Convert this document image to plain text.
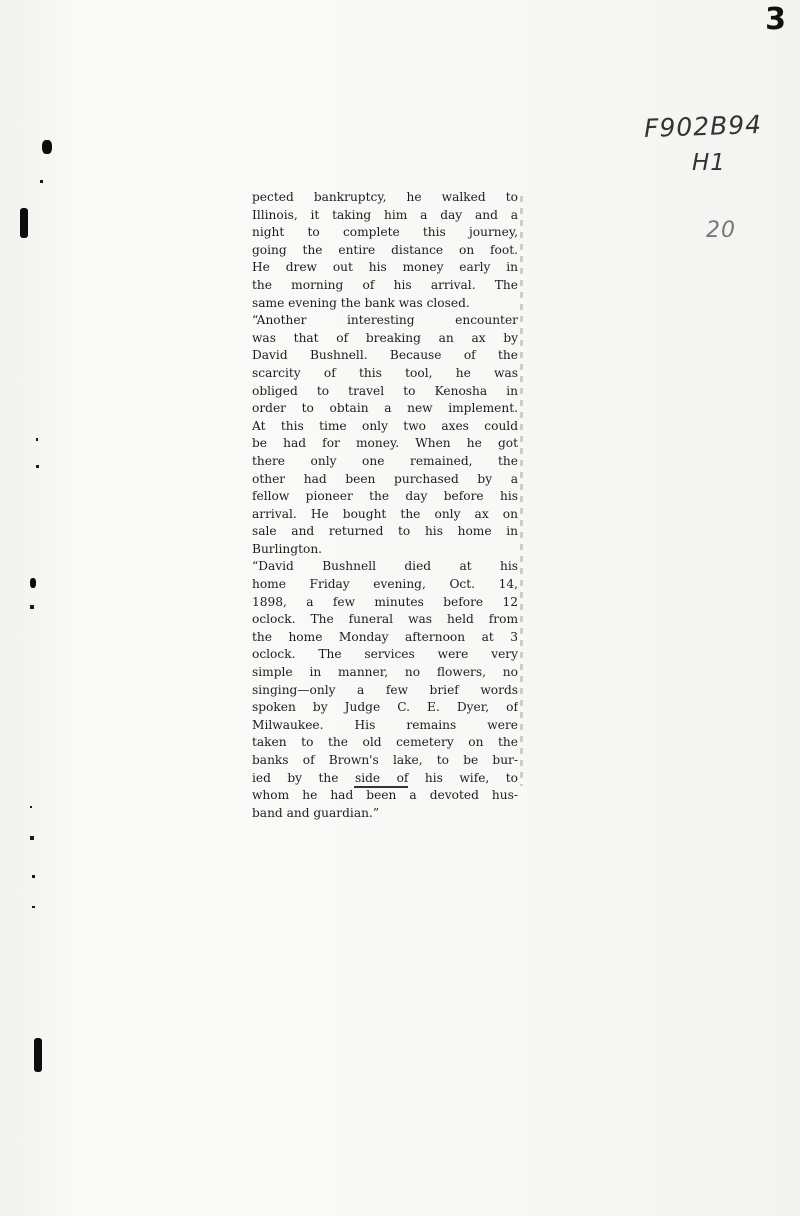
3
F902B94
H1
20
pected bankruptcy, he walked to
Illinois, it taking him a day and a
night to complete this journey,
going the entire distance on foot.
He drew out his money early in
the morning of his arrival. The
same evening the bank was closed.
“Another interesting encounter
was that of breaking an ax by
David Bushnell. Because of the
scarcity of this tool, he was
obliged to travel to Kenosha in
order to obtain a new implement.
At this time only two axes could
be had for money. When he got
there only one remained, the
other had been purchased by a
fellow pioneer the day before his
arrival. He bought the only ax on
sale and returned to his home in
Burlington.
“David Bushnell died at his
home Friday evening, Oct. 14,
1898, a few minutes before 12
oclock. The funeral was held from
the home Monday afternoon at 3
oclock. The services were very
simple in manner, no flowers, no
singing—only a few brief words
spoken by Judge C. E. Dyer, of
Milwaukee. His remains were
taken to the old cemetery on the
banks of Brown's lake, to be bur-
ied by the side of his wife, to
whom he had been a devoted hus-
band and guardian.”
